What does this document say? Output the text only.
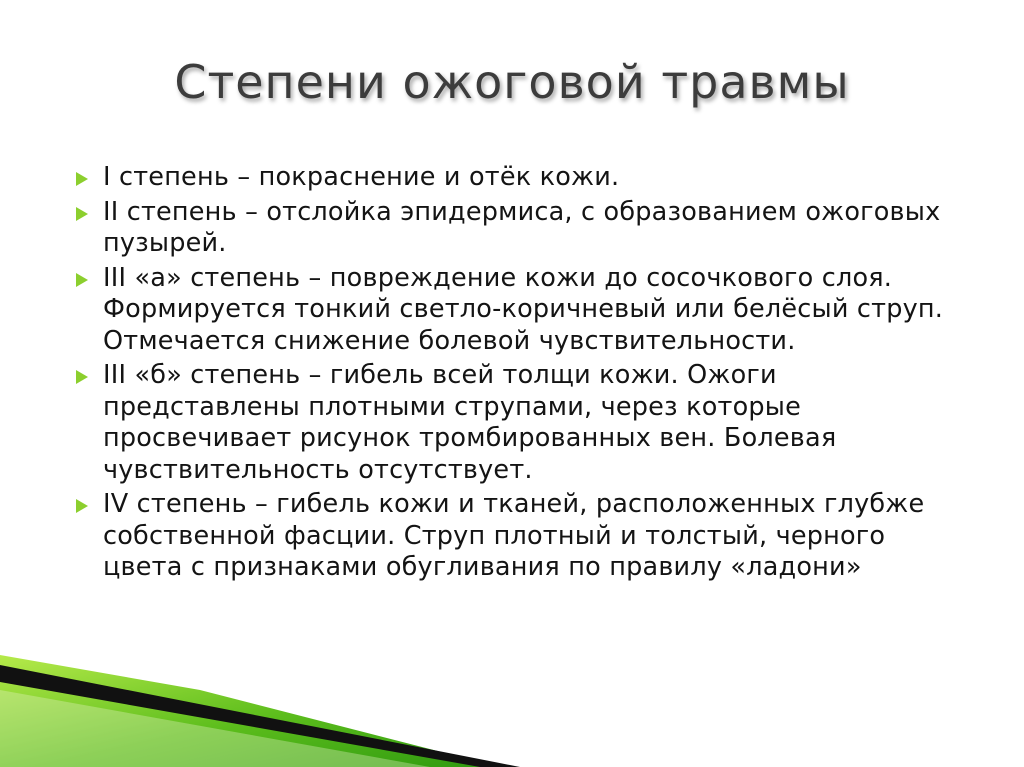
Степени ожоговой травмы
I степень – покраснение и отёк кожи.
II степень – отслойка эпидермиса, с образованием ожоговых пузырей.
III «а» степень – повреждение кожи до сосочкового слоя. Формируется тонкий светло-коричневый или белёсый струп. Отмечается снижение болевой чувствительности.
III «б» степень – гибель всей толщи кожи. Ожоги представлены плотными струпами, через которые просвечивает рисунок тромбированных вен. Болевая чувствительность отсутствует.
IV степень – гибель кожи и тканей, расположенных глубже собственной фасции. Струп плотный и толстый, черного цвета с признаками обугливания по правилу «ладони»
